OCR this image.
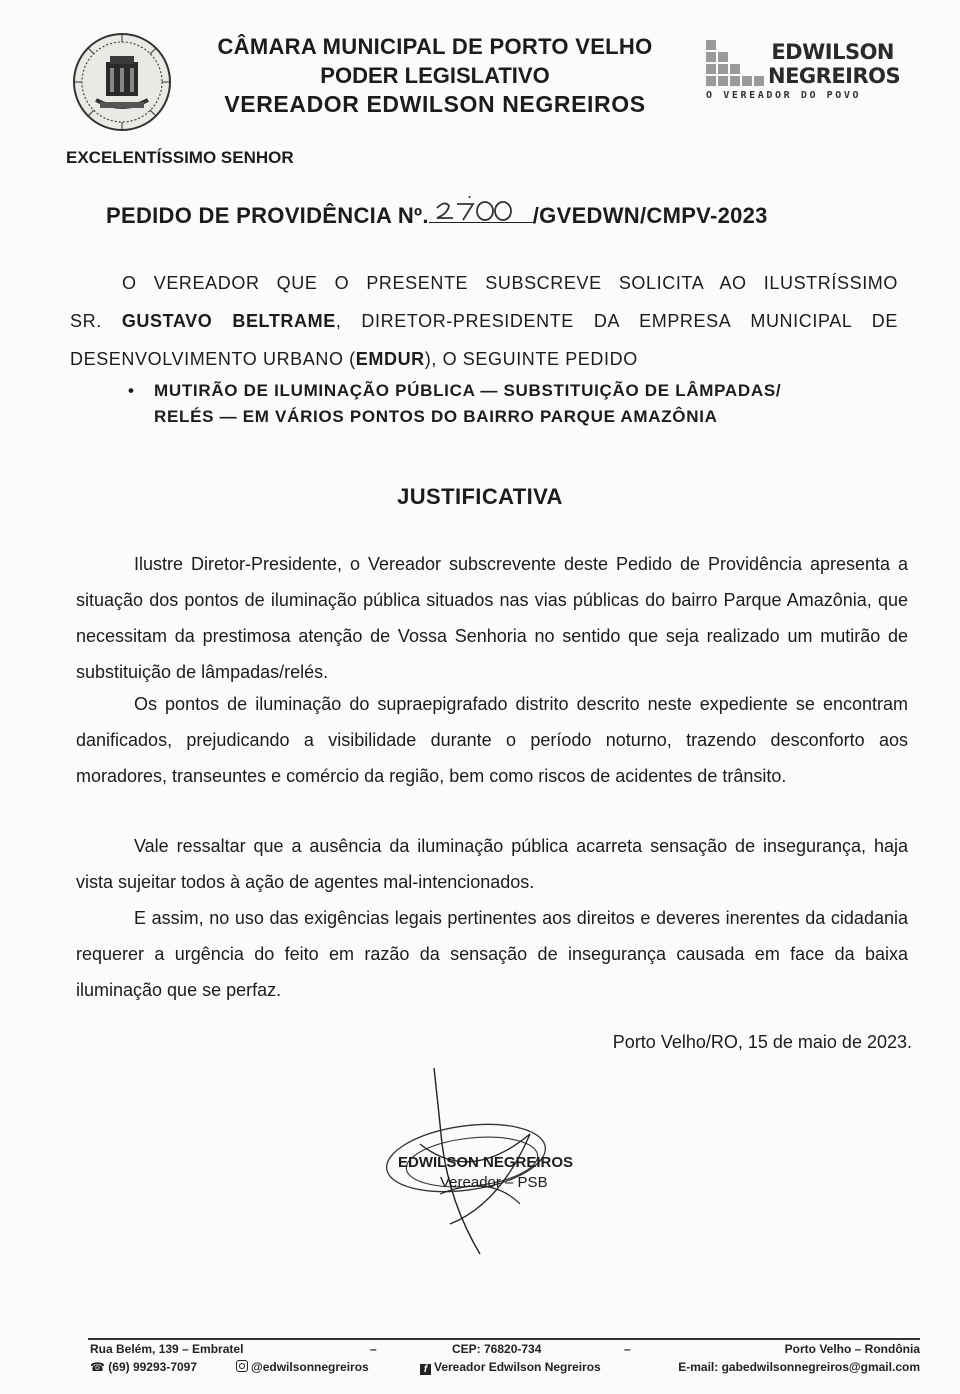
CÂMARA MUNICIPAL DE PORTO VELHO
PODER LEGISLATIVO
VEREADOR EDWILSON NEGREIROS
EDWILSON
NEGREIROS
O VEREADOR DO POVO
EXCELENTÍSSIMO SENHOR
PEDIDO DE PROVIDÊNCIA Nº.	/GVEDWN/CMPV-2023
O VEREADOR QUE O PRESENTE SUBSCREVE SOLICITA AO ILUSTRÍSSIMO
SR. GUSTAVO BELTRAME, DIRETOR-PRESIDENTE DA EMPRESA MUNICIPAL DE
DESENVOLVIMENTO URBANO (EMDUR), O SEGUINTE PEDIDO
• MUTIRÃO DE ILUMINAÇÃO PÚBLICA — SUBSTITUIÇÃO DE LÂMPADAS/
RELÉS — EM VÁRIOS PONTOS DO BAIRRO PARQUE AMAZÔNIA
JUSTIFICATIVA
Ilustre Diretor-Presidente, o Vereador subscrevente deste Pedido de Providência apresenta a situação dos pontos de iluminação pública situados nas vias públicas do bairro Parque Amazônia, que necessitam da prestimosa atenção de Vossa Senhoria no sentido que seja realizado um mutirão de substituição de lâmpadas/relés.
Os pontos de iluminação do supraepigrafado distrito descrito neste expediente se encontram danificados, prejudicando a visibilidade durante o período noturno, trazendo desconforto aos moradores, transeuntes e comércio da região, bem como riscos de acidentes de trânsito.
Vale ressaltar que a ausência da iluminação pública acarreta sensação de insegurança, haja vista sujeitar todos à ação de agentes mal-intencionados.
E assim, no uso das exigências legais pertinentes aos direitos e deveres inerentes da cidadania requerer a urgência do feito em razão da sensação de insegurança causada em face da baixa iluminação que se perfaz.
Porto Velho/RO, 15 de maio de 2023.
EDWILSON NEGREIROS
Vereador – PSB
Rua Belém, 139 – Embratel	–	CEP: 76820-734	–	Porto Velho – Rondônia
☎ (69) 99293-7097	@edwilsonnegreiros	f Vereador Edwilson Negreiros	E-mail: gabedwilsonnegreiros@gmail.com
